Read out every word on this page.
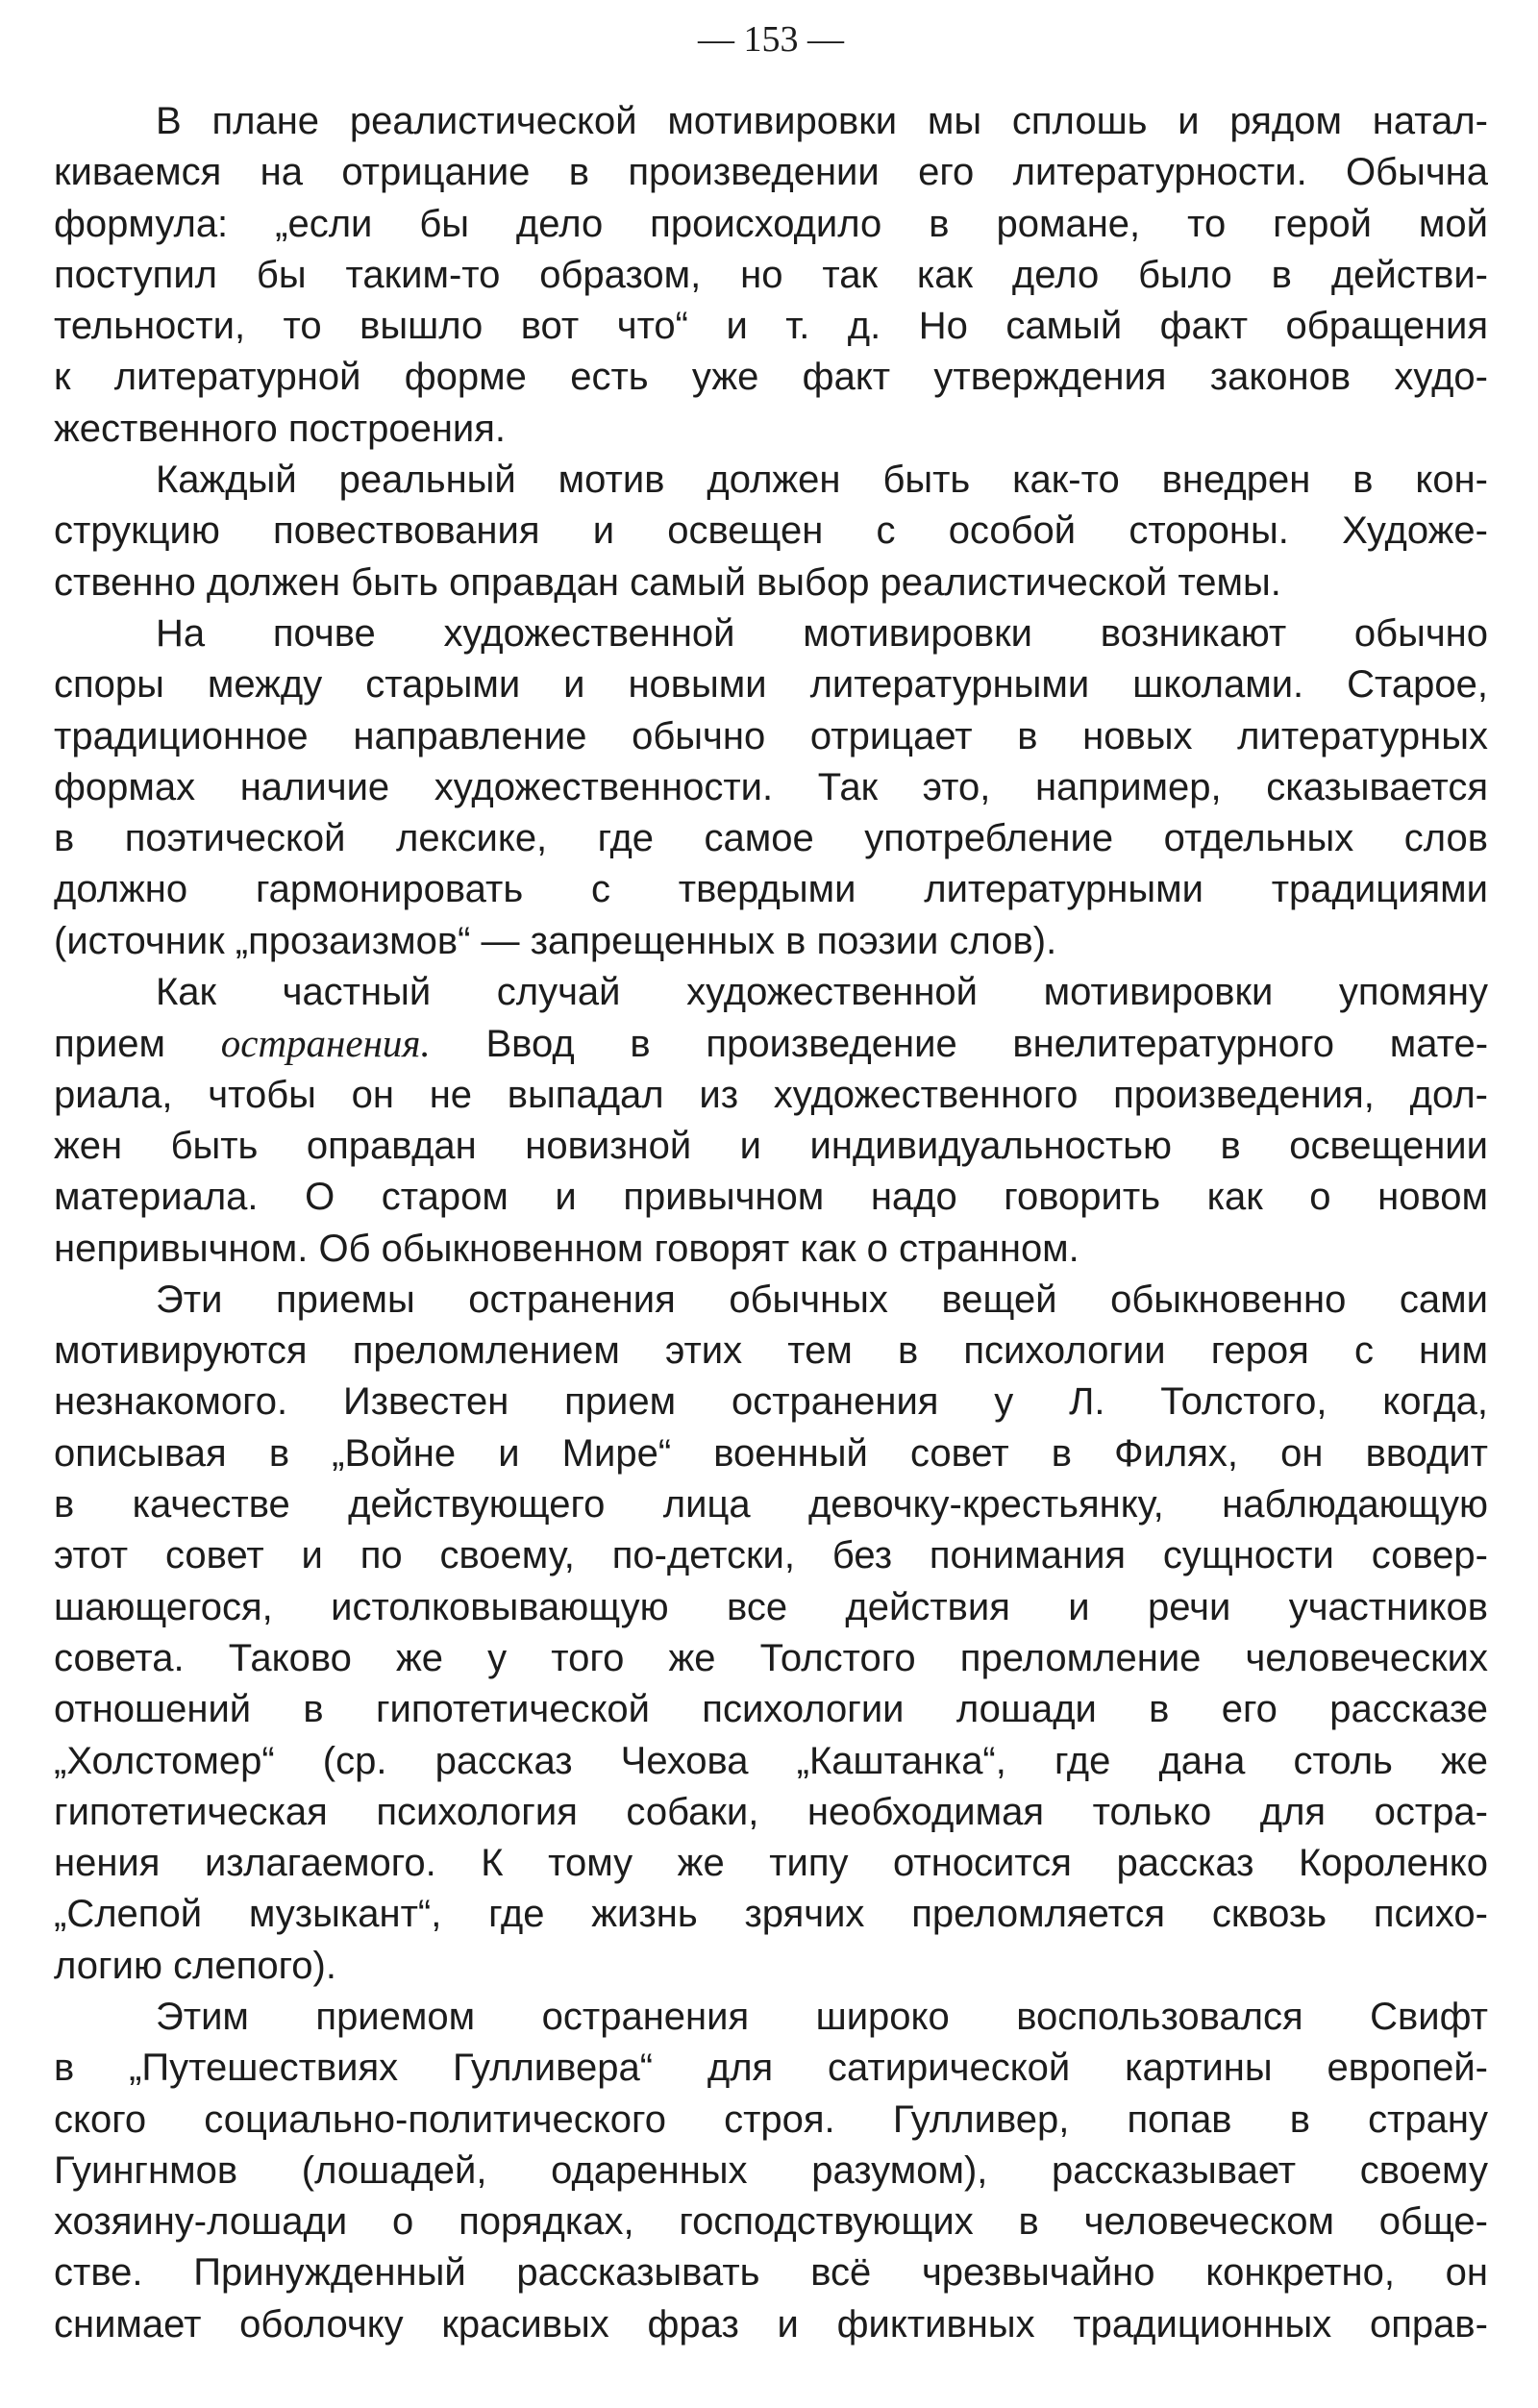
— 153 —
В плане реалистической мотивировки мы сплошь и рядом натал-
киваемся на отрицание в произведении его литературности. Обычна
формула: „если бы дело происходило в романе, то герой мой
поступил бы таким-то образом, но так как дело было в действи-
тельности, то вышло вот что“ и т. д. Но самый факт обращения
к литературной форме есть уже факт утверждения законов худо-
жественного построения.
Каждый реальный мотив должен быть как-то внедрен в кон-
струкцию повествования и освещен с особой стороны. Художе-
ственно должен быть оправдан самый выбор реалистической темы.
На почве художественной мотивировки возникают обычно
споры между старыми и новыми литературными школами. Старое,
традиционное направление обычно отрицает в новых литературных
формах наличие художественности. Так это, например, сказывается
в поэтической лексике, где самое употребление отдельных слов
должно гармонировать с твердыми литературными традициями
(источник „прозаизмов“ — запрещенных в поэзии слов).
Как частный случай художественной мотивировки упомяну
прием остранения. Ввод в произведение внелитературного мате-
риала, чтобы он не выпадал из художественного произведения, дол-
жен быть оправдан новизной и индивидуальностью в освещении
материала. О старом и привычном надо говорить как о новом
непривычном. Об обыкновенном говорят как о странном.
Эти приемы остранения обычных вещей обыкновенно сами
мотивируются преломлением этих тем в психологии героя с ним
незнакомого. Известен прием остранения у Л. Толстого, когда,
описывая в „Войне и Мире“ военный совет в Филях, он вводит
в качестве действующего лица девочку-крестьянку, наблюдающую
этот совет и по своему, по-детски, без понимания сущности совер-
шающегося, истолковывающую все действия и речи участников
совета. Таково же у того же Толстого преломление человеческих
отношений в гипотетической психологии лошади в его рассказе
„Холстомер“ (ср. рассказ Чехова „Каштанка“, где дана столь же
гипотетическая психология собаки, необходимая только для остра-
нения излагаемого. К тому же типу относится рассказ Короленко
„Слепой музыкант“, где жизнь зрячих преломляется сквозь психо-
логию слепого).
Этим приемом остранения широко воспользовался Свифт
в „Путешествиях Гулливера“ для сатирической картины европей-
ского социально-политического строя. Гулливер, попав в страну
Гуингнмов (лошадей, одаренных разумом), рассказывает своему
хозяину-лошади о порядках, господствующих в человеческом обще-
стве. Принужденный рассказывать всё чрезвычайно конкретно, он
снимает оболочку красивых фраз и фиктивных традиционных оправ-
